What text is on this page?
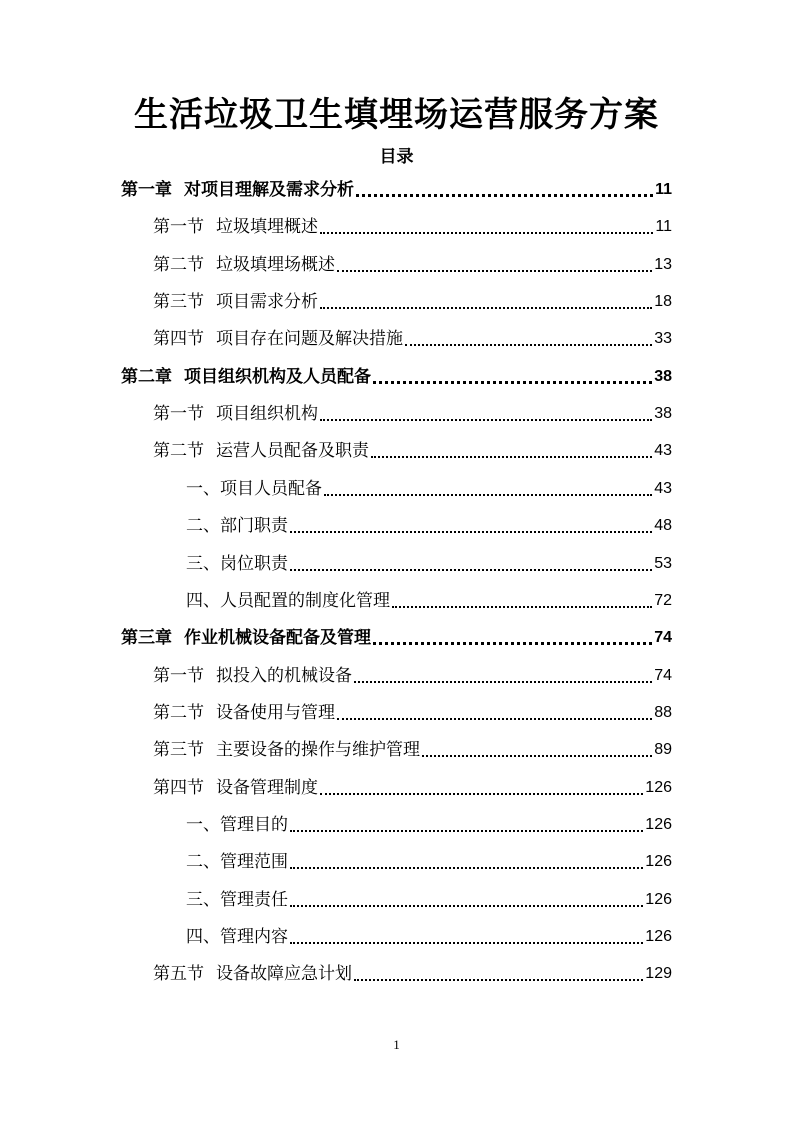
生活垃圾卫生填埋场运营服务方案
目录
第一章 对项目理解及需求分析	11
第一节 垃圾填埋概述	11
第二节 垃圾填埋场概述	13
第三节 项目需求分析	18
第四节 项目存在问题及解决措施	33
第二章 项目组织机构及人员配备	38
第一节 项目组织机构	38
第二节 运营人员配备及职责	43
一、项目人员配备	43
二、部门职责	48
三、岗位职责	53
四、人员配置的制度化管理	72
第三章 作业机械设备配备及管理	74
第一节 拟投入的机械设备	74
第二节 设备使用与管理	88
第三节 主要设备的操作与维护管理	89
第四节 设备管理制度	126
一、管理目的	126
二、管理范围	126
三、管理责任	126
四、管理内容	126
第五节 设备故障应急计划	129
1
